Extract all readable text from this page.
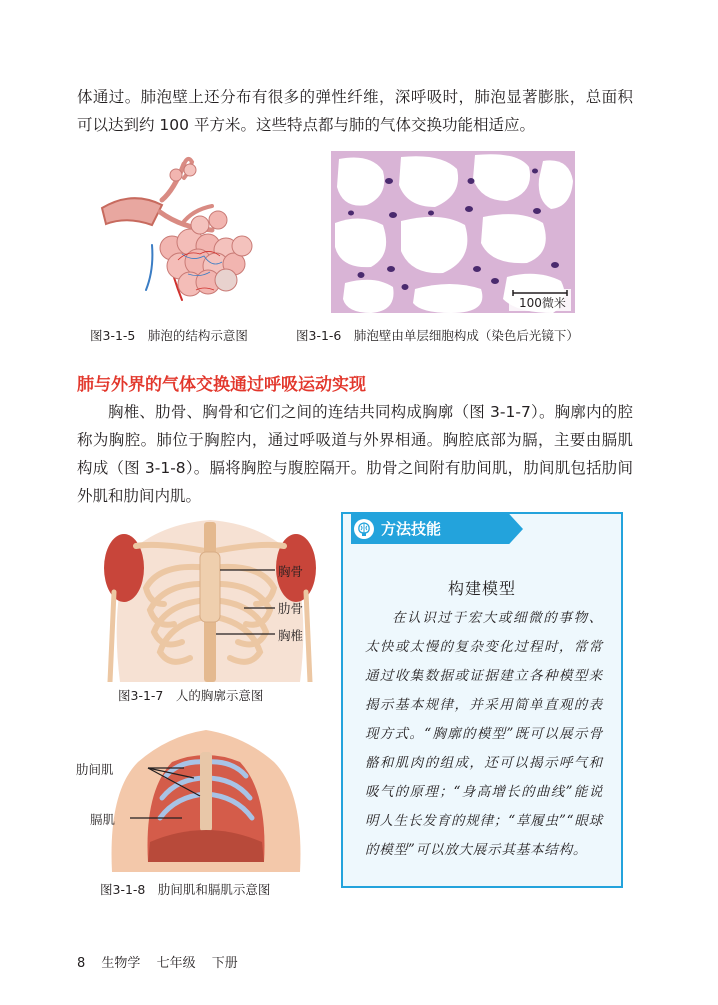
体通过。肺泡壁上还分布有很多的弹性纤维，深呼吸时，肺泡显著膨胀，总面积可以达到约 100 平方米。这些特点都与肺的气体交换功能相适应。

100微米
图3-1-5　肺泡的结构示意图	图3-1-6　肺泡壁由单层细胞构成（染色后光镜下）
肺与外界的气体交换通过呼吸运动实现

胸椎、肋骨、胸骨和它们之间的连结共同构成胸廓（图 3-1-7）。胸廓内的腔称为胸腔。肺位于胸腔内，通过呼吸道与外界相通。胸腔底部为膈，主要由膈肌构成（图 3-1-8）。膈将胸腔与腹腔隔开。肋骨之间附有肋间肌，肋间肌包括肋间外肌和肋间内肌。

胸骨
肋骨
胸椎
图3-1-7　人的胸廓示意图
肋间肌
膈肌
图3-1-8　肋间肌和膈肌示意图
方法技能
构建模型

在认识过于宏大或细微的事物、太快或太慢的复杂变化过程时，常常通过收集数据或证据建立各种模型来揭示基本规律，并采用简单直观的表现方式。“胸廓的模型”既可以展示骨骼和肌肉的组成，还可以揭示呼气和吸气的原理；“身高增长的曲线”能说明人生长发育的规律；“草履虫”“眼球的模型”可以放大展示其基本结构。

8 生物学 七年级 下册
